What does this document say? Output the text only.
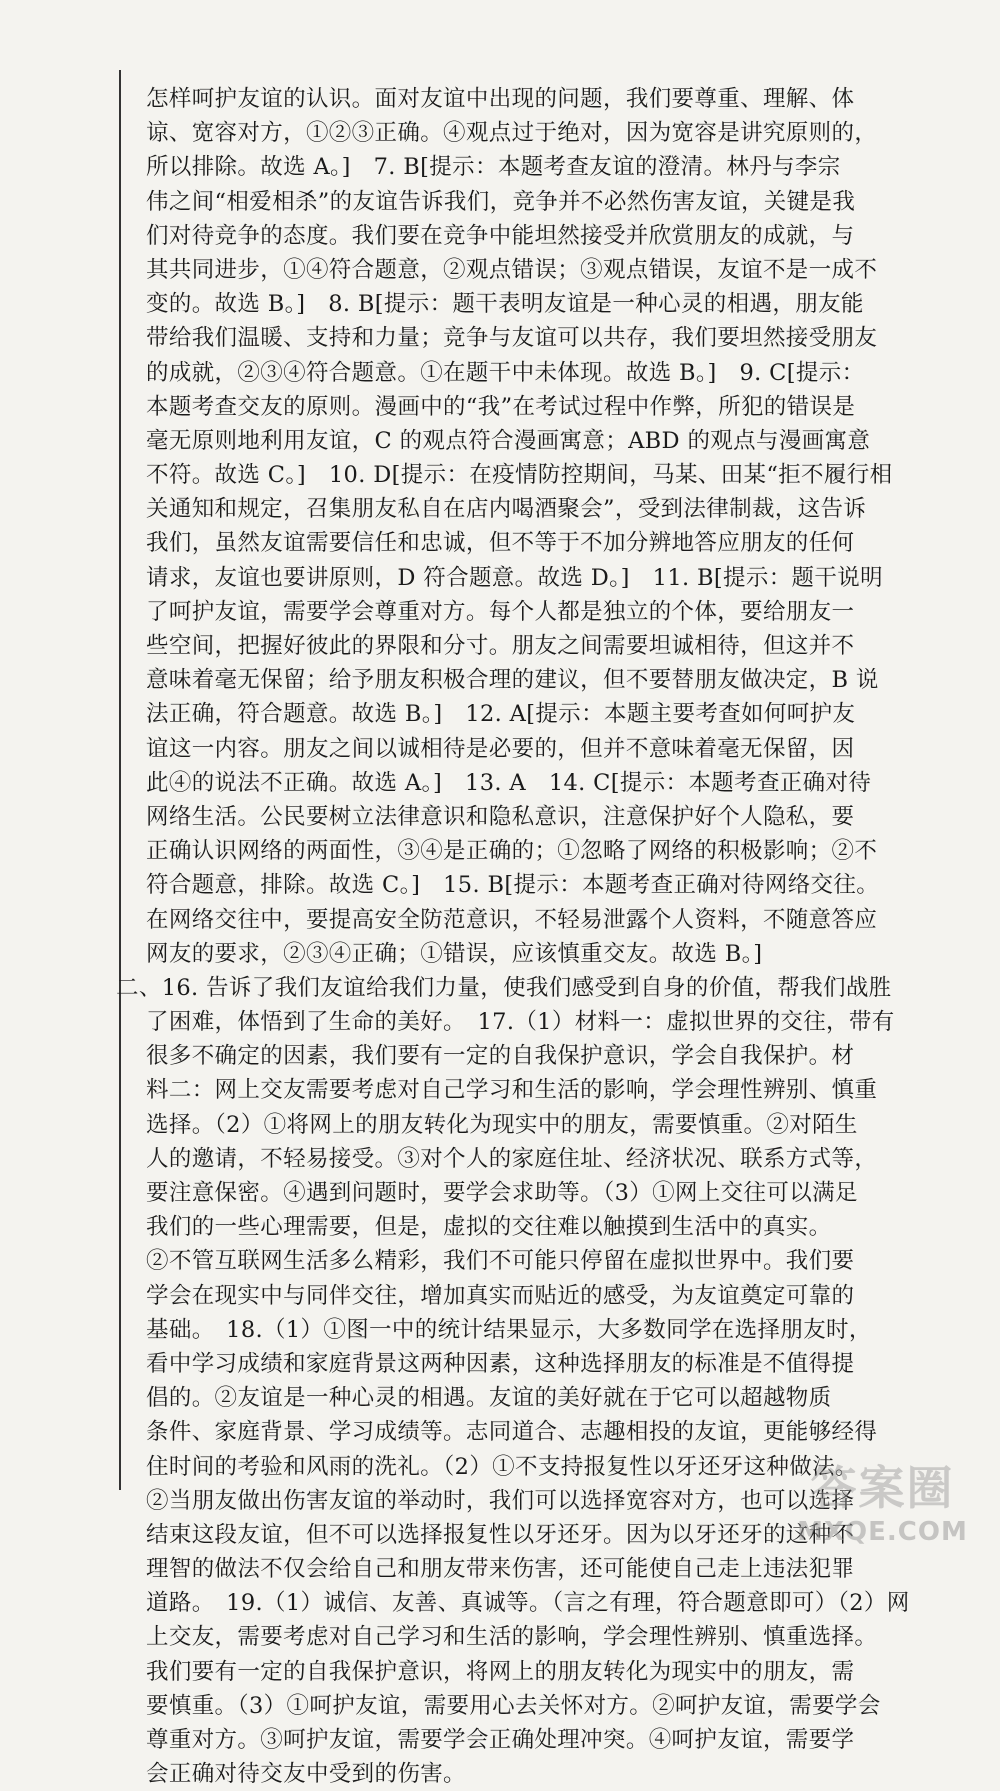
怎样呵护友谊的认识。面对友谊中出现的问题，我们要尊重、理解、体
谅、宽容对方，①②③正确。④观点过于绝对，因为宽容是讲究原则的，
所以排除。故选 A。]　7. B[提示：本题考查友谊的澄清。林丹与李宗
伟之间“相爱相杀”的友谊告诉我们，竞争并不必然伤害友谊，关键是我
们对待竞争的态度。我们要在竞争中能坦然接受并欣赏朋友的成就，与
其共同进步，①④符合题意，②观点错误；③观点错误，友谊不是一成不
变的。故选 B。]　8. B[提示：题干表明友谊是一种心灵的相遇，朋友能
带给我们温暖、支持和力量；竞争与友谊可以共存，我们要坦然接受朋友
的成就，②③④符合题意。①在题干中未体现。故选 B。]　9. C[提示：
本题考查交友的原则。漫画中的“我”在考试过程中作弊，所犯的错误是
毫无原则地利用友谊，C 的观点符合漫画寓意；ABD 的观点与漫画寓意
不符。故选 C。]　10. D[提示：在疫情防控期间，马某、田某“拒不履行相
关通知和规定，召集朋友私自在店内喝酒聚会”，受到法律制裁，这告诉
我们，虽然友谊需要信任和忠诚，但不等于不加分辨地答应朋友的任何
请求，友谊也要讲原则，D 符合题意。故选 D。]　11. B[提示：题干说明
了呵护友谊，需要学会尊重对方。每个人都是独立的个体，要给朋友一
些空间，把握好彼此的界限和分寸。朋友之间需要坦诚相待，但这并不
意味着毫无保留；给予朋友积极合理的建议，但不要替朋友做决定，B 说
法正确，符合题意。故选 B。]　12. A[提示：本题主要考查如何呵护友
谊这一内容。朋友之间以诚相待是必要的，但并不意味着毫无保留，因
此④的说法不正确。故选 A。]　13. A　14. C[提示：本题考查正确对待
网络生活。公民要树立法律意识和隐私意识，注意保护好个人隐私，要
正确认识网络的两面性，③④是正确的；①忽略了网络的积极影响；②不
符合题意，排除。故选 C。]　15. B[提示：本题考查正确对待网络交往。
在网络交往中，要提高安全防范意识，不轻易泄露个人资料，不随意答应
网友的要求，②③④正确；①错误，应该慎重交友。故选 B。]
二、16. 告诉了我们友谊给我们力量，使我们感受到自身的价值，帮我们战胜
了困难，体悟到了生命的美好。　17.（1）材料一：虚拟世界的交往，带有
很多不确定的因素，我们要有一定的自我保护意识，学会自我保护。材
料二：网上交友需要考虑对自己学习和生活的影响，学会理性辨别、慎重
选择。（2）①将网上的朋友转化为现实中的朋友，需要慎重。②对陌生
人的邀请，不轻易接受。③对个人的家庭住址、经济状况、联系方式等，
要注意保密。④遇到问题时，要学会求助等。（3）①网上交往可以满足
我们的一些心理需要，但是，虚拟的交往难以触摸到生活中的真实。
②不管互联网生活多么精彩，我们不可能只停留在虚拟世界中。我们要
学会在现实中与同伴交往，增加真实而贴近的感受，为友谊奠定可靠的
基础。　18.（1）①图一中的统计结果显示，大多数同学在选择朋友时，
看中学习成绩和家庭背景这两种因素，这种选择朋友的标准是不值得提
倡的。②友谊是一种心灵的相遇。友谊的美好就在于它可以超越物质
条件、家庭背景、学习成绩等。志同道合、志趣相投的友谊，更能够经得
住时间的考验和风雨的洗礼。（2）①不支持报复性以牙还牙这种做法。
②当朋友做出伤害友谊的举动时，我们可以选择宽容对方，也可以选择
结束这段友谊，但不可以选择报复性以牙还牙。因为以牙还牙的这种不
理智的做法不仅会给自己和朋友带来伤害，还可能使自己走上违法犯罪
道路。　19.（1）诚信、友善、真诚等。（言之有理，符合题意即可）（2）网
上交友，需要考虑对自己学习和生活的影响，学会理性辨别、慎重选择。
我们要有一定的自我保护意识，将网上的朋友转化为现实中的朋友，需
要慎重。（3）①呵护友谊，需要用心去关怀对方。②呵护友谊，需要学会
尊重对方。③呵护友谊，需要学会正确处理冲突。④呵护友谊，需要学
会正确对待交友中受到的伤害。
答案圈
MXQE.COM
